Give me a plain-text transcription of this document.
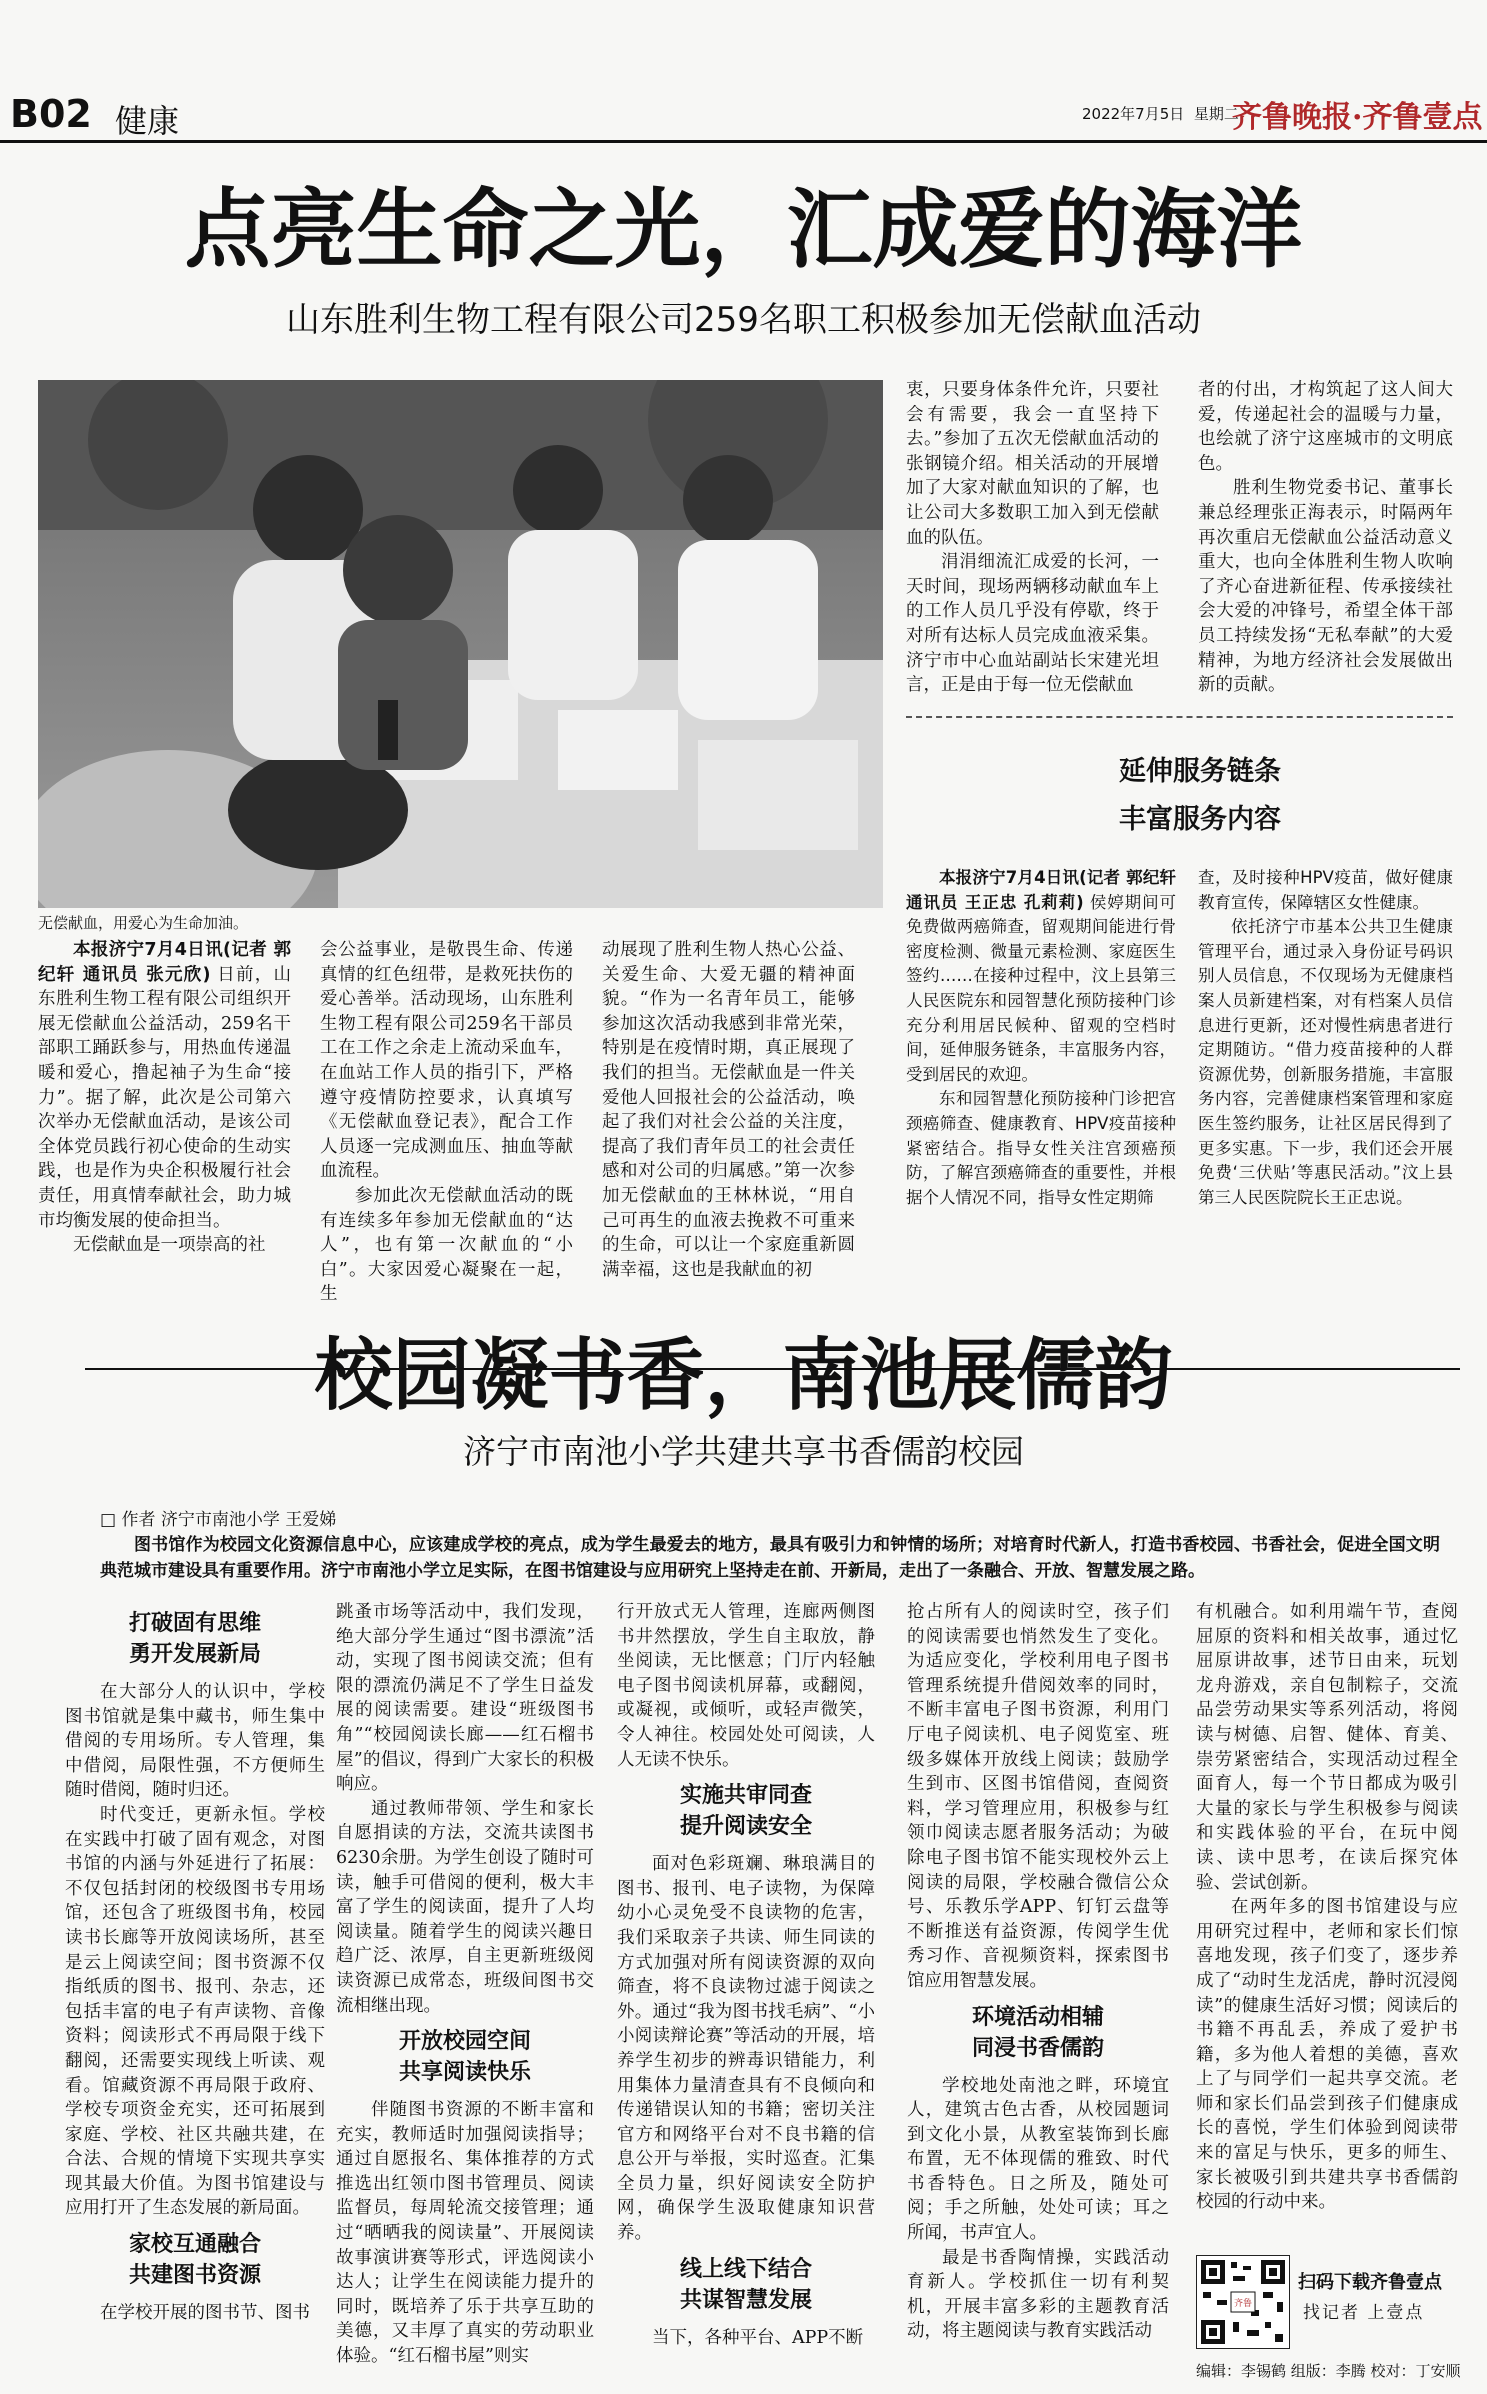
B02 健康	2022年7月5日 星期二
齐鲁晚报·齐鲁壹点
点亮生命之光，汇成爱的海洋
山东胜利生物工程有限公司259名职工积极参加无偿献血活动
无偿献血，用爱心为生命加油。

本报济宁7月4日讯(记者 郭纪轩 通讯员 张元欣) 日前，山东胜利生物工程有限公司组织开展无偿献血公益活动，259名干部职工踊跃参与，用热血传递温暖和爱心，撸起袖子为生命“接力”。据了解，此次是公司第六次举办无偿献血活动，是该公司全体党员践行初心使命的生动实践，也是作为央企积极履行社会责任，用真情奉献社会，助力城市均衡发展的使命担当。

无偿献血是一项崇高的社

会公益事业，是敬畏生命、传递真情的红色纽带，是救死扶伤的爱心善举。活动现场，山东胜利生物工程有限公司259名干部员工在工作之余走上流动采血车，在血站工作人员的指引下，严格遵守疫情防控要求，认真填写《无偿献血登记表》，配合工作人员逐一完成测血压、抽血等献血流程。

参加此次无偿献血活动的既有连续多年参加无偿献血的“达人”，也有第一次献血的“小白”。大家因爱心凝聚在一起，生

动展现了胜利生物人热心公益、关爱生命、大爱无疆的精神面貌。“作为一名青年员工，能够参加这次活动我感到非常光荣，特别是在疫情时期，真正展现了我们的担当。无偿献血是一件关爱他人回报社会的公益活动，唤起了我们对社会公益的关注度，提高了我们青年员工的社会责任感和对公司的归属感。”第一次参加无偿献血的王林林说，“用自己可再生的血液去挽救不可重来的生命，可以让一个家庭重新圆满幸福，这也是我献血的初

衷，只要身体条件允许，只要社会有需要，我会一直坚持下去。”参加了五次无偿献血活动的张钢镜介绍。相关活动的开展增加了大家对献血知识的了解，也让公司大多数职工加入到无偿献血的队伍。

涓涓细流汇成爱的长河，一天时间，现场两辆移动献血车上的工作人员几乎没有停歇，终于对所有达标人员完成血液采集。济宁市中心血站副站长宋建光坦言，正是由于每一位无偿献血

者的付出，才构筑起了这人间大爱，传递起社会的温暖与力量，也绘就了济宁这座城市的文明底色。

胜利生物党委书记、董事长兼总经理张正海表示，时隔两年再次重启无偿献血公益活动意义重大，也向全体胜利生物人吹响了齐心奋进新征程、传承接续社会大爱的冲锋号，希望全体干部员工持续发扬“无私奉献”的大爱精神，为地方经济社会发展做出新的贡献。

延伸服务链条
丰富服务内容

本报济宁7月4日讯(记者 郭纪轩 通讯员 王正忠 孔莉莉) 侯婷期间可免费做两癌筛查，留观期间能进行骨密度检测、微量元素检测、家庭医生签约……在接种过程中，汶上县第三人民医院东和园智慧化预防接种门诊充分利用居民候种、留观的空档时间，延伸服务链条，丰富服务内容，受到居民的欢迎。

东和园智慧化预防接种门诊把宫颈癌筛查、健康教育、HPV疫苗接种紧密结合。指导女性关注宫颈癌预防，了解宫颈癌筛查的重要性，并根据个人情况不同，指导女性定期筛

查，及时接种HPV疫苗，做好健康教育宣传，保障辖区女性健康。

依托济宁市基本公共卫生健康管理平台，通过录入身份证号码识别人员信息，不仅现场为无健康档案人员新建档案，对有档案人员信息进行更新，还对慢性病患者进行定期随访。“借力疫苗接种的人群资源优势，创新服务措施，丰富服务内容，完善健康档案管理和家庭医生签约服务，让社区居民得到了更多实惠。下一步，我们还会开展免费‘三伏贴’等惠民活动。”汶上县第三人民医院院长王正忠说。

校园凝书香，南池展儒韵
济宁市南池小学共建共享书香儒韵校园
□ 作者 济宁市南池小学 王爱娣
图书馆作为校园文化资源信息中心，应该建成学校的亮点，成为学生最爱去的地方，最具有吸引力和钟情的场所；对培育时代新人，打造书香校园、书香社会，促进全国文明典范城市建设具有重要作用。济宁市南池小学立足实际，在图书馆建设与应用研究上坚持走在前、开新局，走出了一条融合、开放、智慧发展之路。
打破固有思维
勇开发展新局

在大部分人的认识中，学校图书馆就是集中藏书，师生集中借阅的专用场所。专人管理，集中借阅，局限性强，不方便师生随时借阅，随时归还。

时代变迁，更新永恒。学校在实践中打破了固有观念，对图书馆的内涵与外延进行了拓展：不仅包括封闭的校级图书专用场馆，还包含了班级图书角，校园读书长廊等开放阅读场所，甚至是云上阅读空间；图书资源不仅指纸质的图书、报刊、杂志，还包括丰富的电子有声读物、音像资料；阅读形式不再局限于线下翻阅，还需要实现线上听读、观看。馆藏资源不再局限于政府、学校专项资金充实，还可拓展到家庭、学校、社区共融共建，在合法、合规的情境下实现共享实现其最大价值。为图书馆建设与应用打开了生态发展的新局面。

家校互通融合
共建图书资源

在学校开展的图书节、图书

跳蚤市场等活动中，我们发现，绝大部分学生通过“图书漂流”活动，实现了图书阅读交流；但有限的漂流仍满足不了学生日益发展的阅读需要。建设“班级图书角”“校园阅读长廊——红石榴书屋”的倡议，得到广大家长的积极响应。

通过教师带领、学生和家长自愿捐读的方法，交流共读图书6230余册。为学生创设了随时可读，触手可借阅的便利，极大丰富了学生的阅读面，提升了人均阅读量。随着学生的阅读兴趣日趋广泛、浓厚，自主更新班级阅读资源已成常态，班级间图书交流相继出现。

开放校园空间
共享阅读快乐

伴随图书资源的不断丰富和充实，教师适时加强阅读指导；通过自愿报名、集体推荐的方式推选出红领巾图书管理员、阅读监督员，每周轮流交接管理；通过“晒晒我的阅读量”、开展阅读故事演讲赛等形式，评选阅读小达人；让学生在阅读能力提升的同时，既培养了乐于共享互助的美德，又丰厚了真实的劳动职业体验。“红石榴书屋”则实

行开放式无人管理，连廊两侧图书井然摆放，学生自主取放，静坐阅读，无比惬意；门厅内轻触电子图书阅读机屏幕，或翻阅，或凝视，或倾听，或轻声微笑，令人神往。校园处处可阅读，人人无读不快乐。

实施共审同查
提升阅读安全

面对色彩斑斓、琳琅满目的图书、报刊、电子读物，为保障幼小心灵免受不良读物的危害，我们采取亲子共读、师生同读的方式加强对所有阅读资源的双向筛查，将不良读物过滤于阅读之外。通过“我为图书找毛病”、“小小阅读辩论赛”等活动的开展，培养学生初步的辨毒识错能力，利用集体力量清查具有不良倾向和传递错误认知的书籍；密切关注官方和网络平台对不良书籍的信息公开与举报，实时巡查。汇集全员力量，织好阅读安全防护网，确保学生汲取健康知识营养。

线上线下结合
共谋智慧发展

当下，各种平台、APP不断

抢占所有人的阅读时空，孩子们的阅读需要也悄然发生了变化。为适应变化，学校利用电子图书管理系统提升借阅效率的同时，不断丰富电子图书资源，利用门厅电子阅读机、电子阅览室、班级多媒体开放线上阅读；鼓励学生到市、区图书馆借阅，查阅资料，学习管理应用，积极参与红领巾阅读志愿者服务活动；为破除电子图书馆不能实现校外云上阅读的局限，学校融合微信公众号、乐教乐学APP、钉钉云盘等不断推送有益资源，传阅学生优秀习作、音视频资料，探索图书馆应用智慧发展。

环境活动相辅
同浸书香儒韵

学校地处南池之畔，环境宜人，建筑古色古香，从校园题词到文化小景，从教室装饰到长廊布置，无不体现儒的雅致、时代书香特色。日之所及，随处可阅；手之所触，处处可读；耳之所闻，书声宜人。

最是书香陶情操，实践活动育新人。学校抓住一切有利契机，开展丰富多彩的主题教育活动，将主题阅读与教育实践活动

有机融合。如利用端午节，查阅屈原的资料和相关故事，通过忆屈原讲故事，述节日由来，玩划龙舟游戏，亲自包制粽子，交流品尝劳动果实等系列活动，将阅读与树德、启智、健体、育美、崇劳紧密结合，实现活动过程全面育人，每一个节日都成为吸引大量的家长与学生积极参与阅读和实践体验的平台，在玩中阅读、读中思考，在读后探究体验、尝试创新。

在两年多的图书馆建设与应用研究过程中，老师和家长们惊喜地发现，孩子们变了，逐步养成了“动时生龙活虎，静时沉浸阅读”的健康生活好习惯；阅读后的书籍不再乱丢，养成了爱护书籍，多为他人着想的美德，喜欢上了与同学们一起共享交流。老师和家长们品尝到孩子们健康成长的喜悦，学生们体验到阅读带来的富足与快乐，更多的师生、家长被吸引到共建共享书香儒韵校园的行动中来。

齐鲁
扫码下载齐鲁壹点
找记者 上壹点
编辑：李锡鹤 组版：李腾 校对：丁安顺
